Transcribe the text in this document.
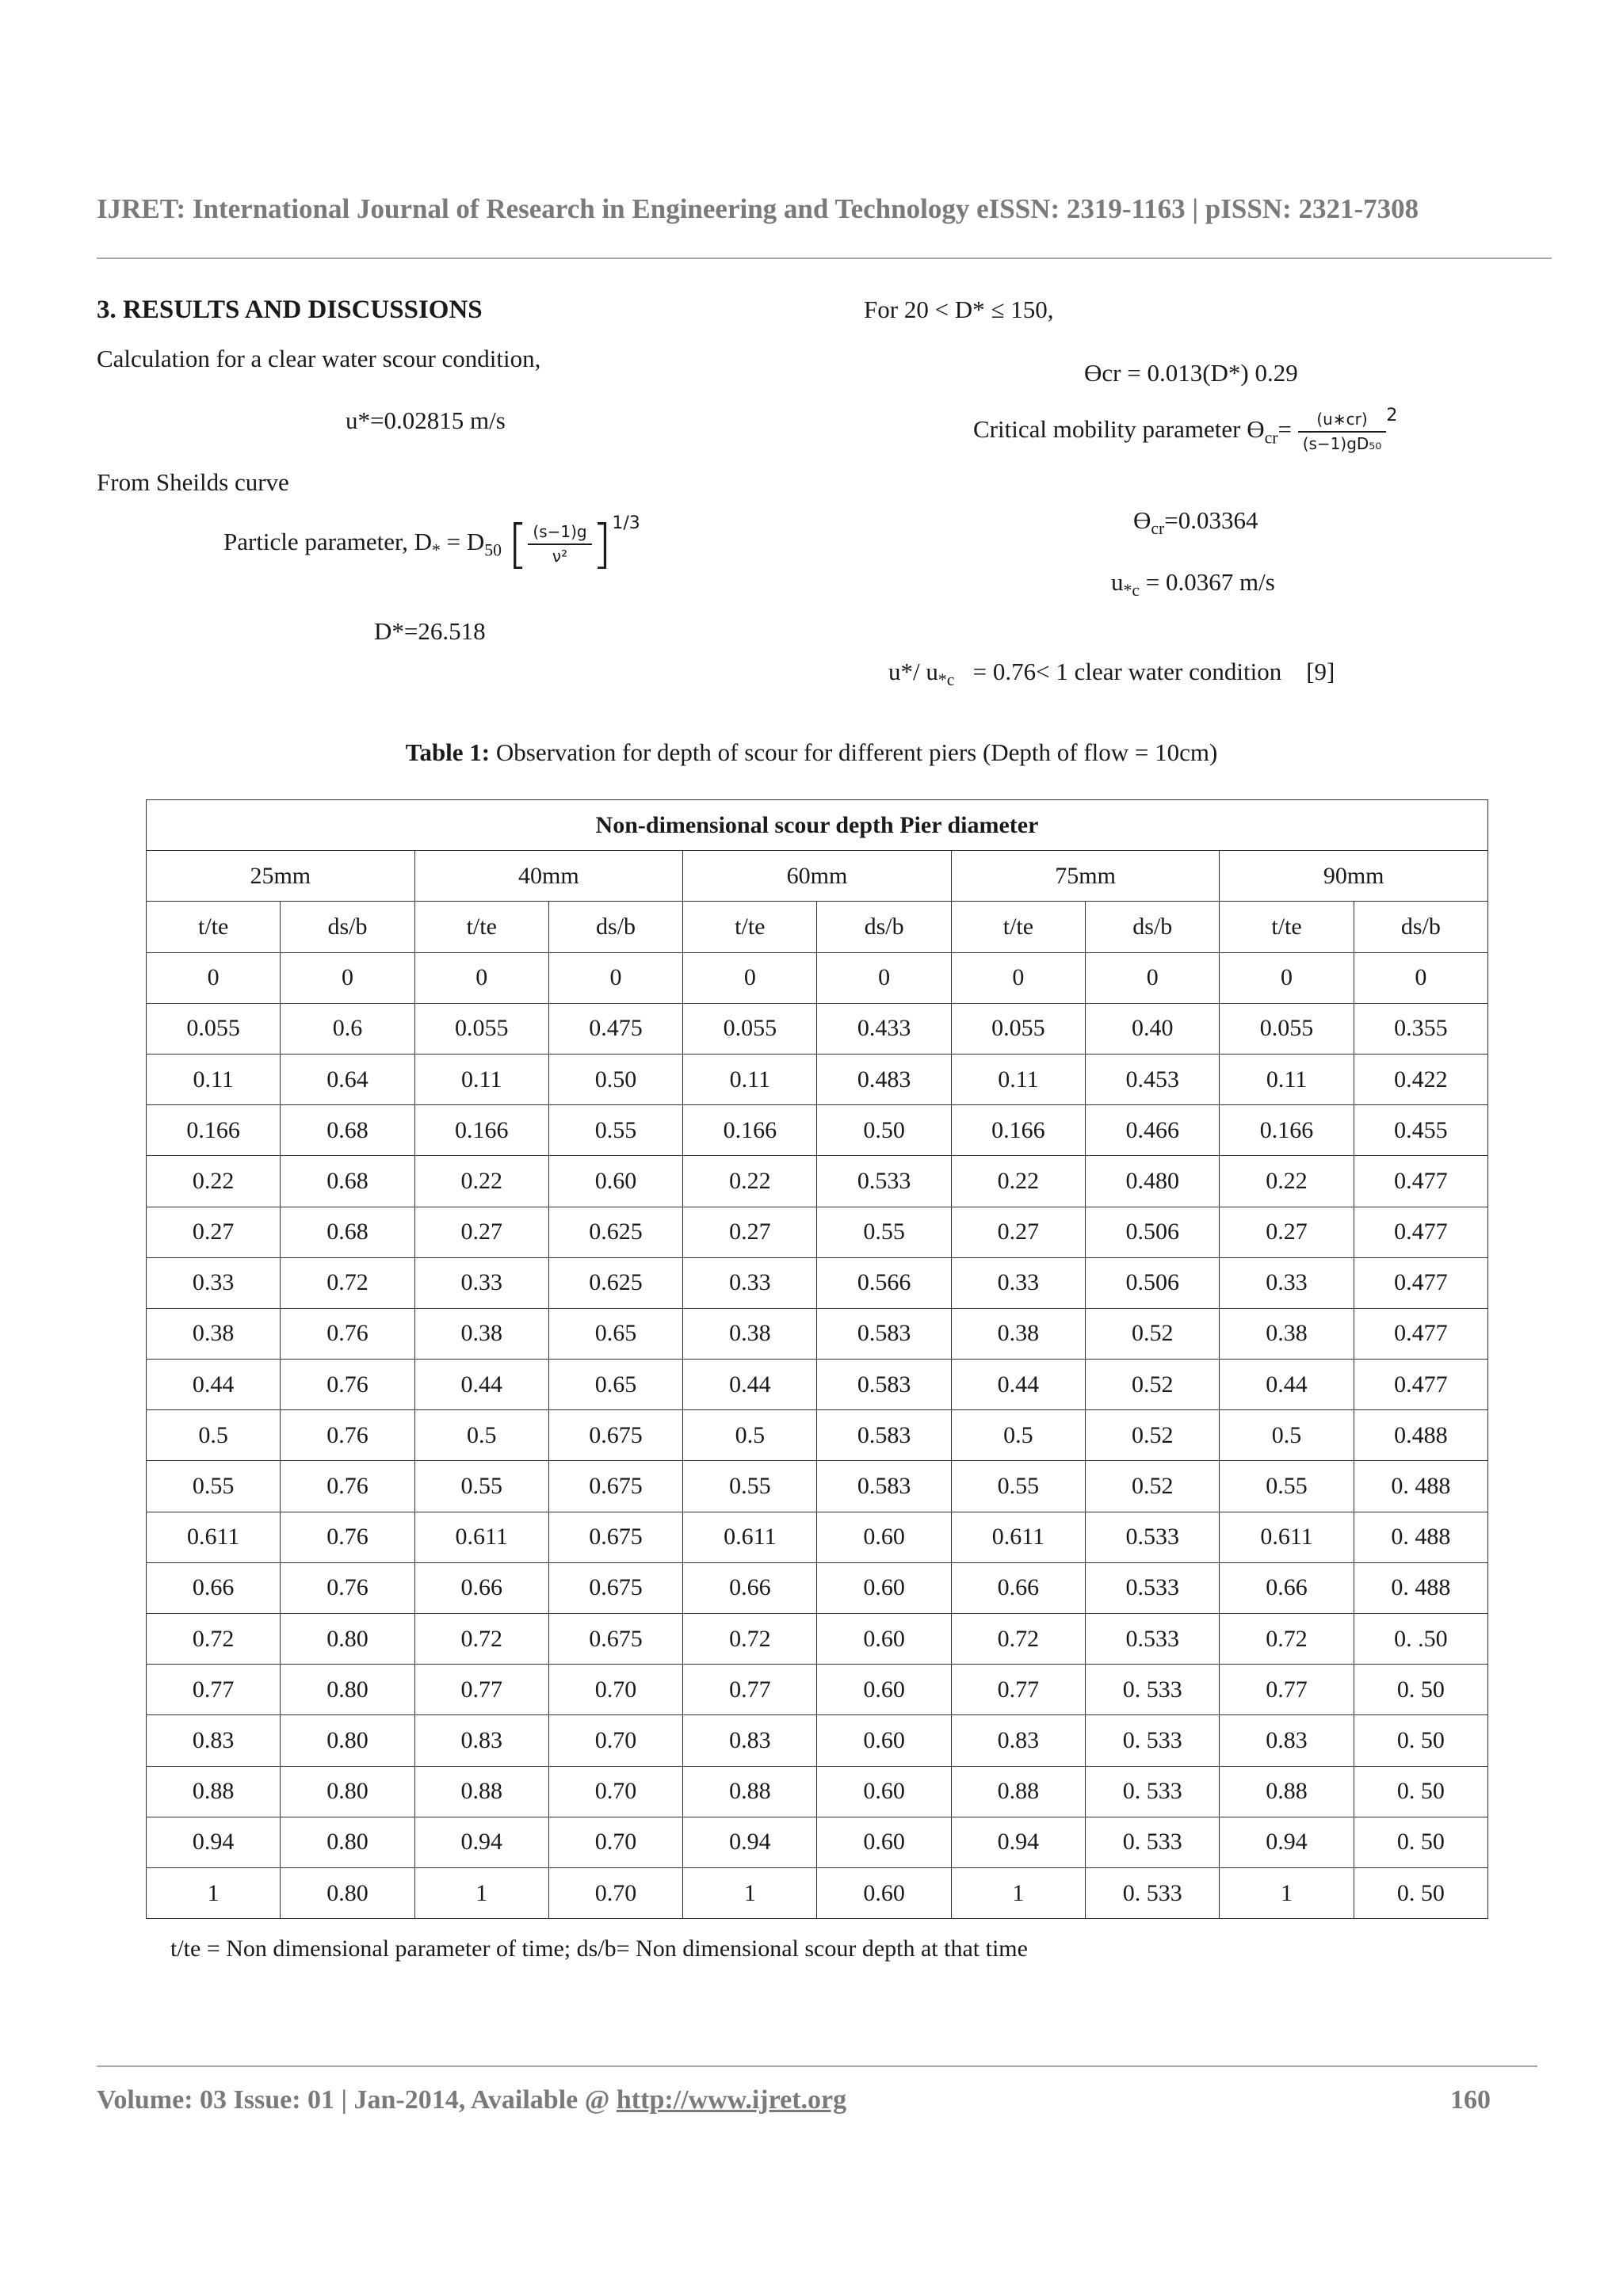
IJRET: International Journal of Research in Engineering and Technology eISSN: 2319-1163 | pISSN: 2321-7308
3. RESULTS AND DISCUSSIONS
Calculation for a clear water scour condition,
u*=0.02815 m/s
From Sheilds curve
Particle parameter, $D_* = D_{50}$ [ $\frac{(s-1)g}{\text{ν²}} ]1/3$
D*=26.518
For 20 < D* ≤ 150,
Ɵcr = 0.013(D*) 0.29
Critical mobility parameter $Ɵ_{cr}= \frac{(u∗cr)}{\text{(s−1)gD₅₀}} 2$
$Ɵ_{cr}=0.03364$
$u_{*c} = 0.0367$ m/s

u*/ $u_{*c} = 0.76< 1$ clear water condition    [9]

Table 1: Observation for depth of scour for different piers (Depth of flow = 10cm)
Non-dimensional scour depth Pier diameter									
25mm		40mm		60mm		75mm		90mm	
t/te	ds/b	t/te	ds/b	t/te	ds/b	t/te	ds/b	t/te	ds/b
0	0	0	0	0	0	0	0	0	0
0.055	0.6	0.055	0.475	0.055	0.433	0.055	0.40	0.055	0.355
0.11	0.64	0.11	0.50	0.11	0.483	0.11	0.453	0.11	0.422
0.166	0.68	0.166	0.55	0.166	0.50	0.166	0.466	0.166	0.455
0.22	0.68	0.22	0.60	0.22	0.533	0.22	0.480	0.22	0.477
0.27	0.68	0.27	0.625	0.27	0.55	0.27	0.506	0.27	0.477
0.33	0.72	0.33	0.625	0.33	0.566	0.33	0.506	0.33	0.477
0.38	0.76	0.38	0.65	0.38	0.583	0.38	0.52	0.38	0.477
0.44	0.76	0.44	0.65	0.44	0.583	0.44	0.52	0.44	0.477
0.5	0.76	0.5	0.675	0.5	0.583	0.5	0.52	0.5	0.488
0.55	0.76	0.55	0.675	0.55	0.583	0.55	0.52	0.55	0. 488
0.611	0.76	0.611	0.675	0.611	0.60	0.611	0.533	0.611	0. 488
0.66	0.76	0.66	0.675	0.66	0.60	0.66	0.533	0.66	0. 488
0.72	0.80	0.72	0.675	0.72	0.60	0.72	0.533	0.72	0. .50
0.77	0.80	0.77	0.70	0.77	0.60	0.77	0. 533	0.77	0. 50
0.83	0.80	0.83	0.70	0.83	0.60	0.83	0. 533	0.83	0. 50
0.88	0.80	0.88	0.70	0.88	0.60	0.88	0. 533	0.88	0. 50
0.94	0.80	0.94	0.70	0.94	0.60	0.94	0. 533	0.94	0. 50
1	0.80	1	0.70	1	0.60	1	0. 533	1	0. 50
t/te = Non dimensional parameter of time; ds/b= Non dimensional scour depth at that time
Volume: 03 Issue: 01 | Jan-2014, Available @ http://www.ijret.org	160
